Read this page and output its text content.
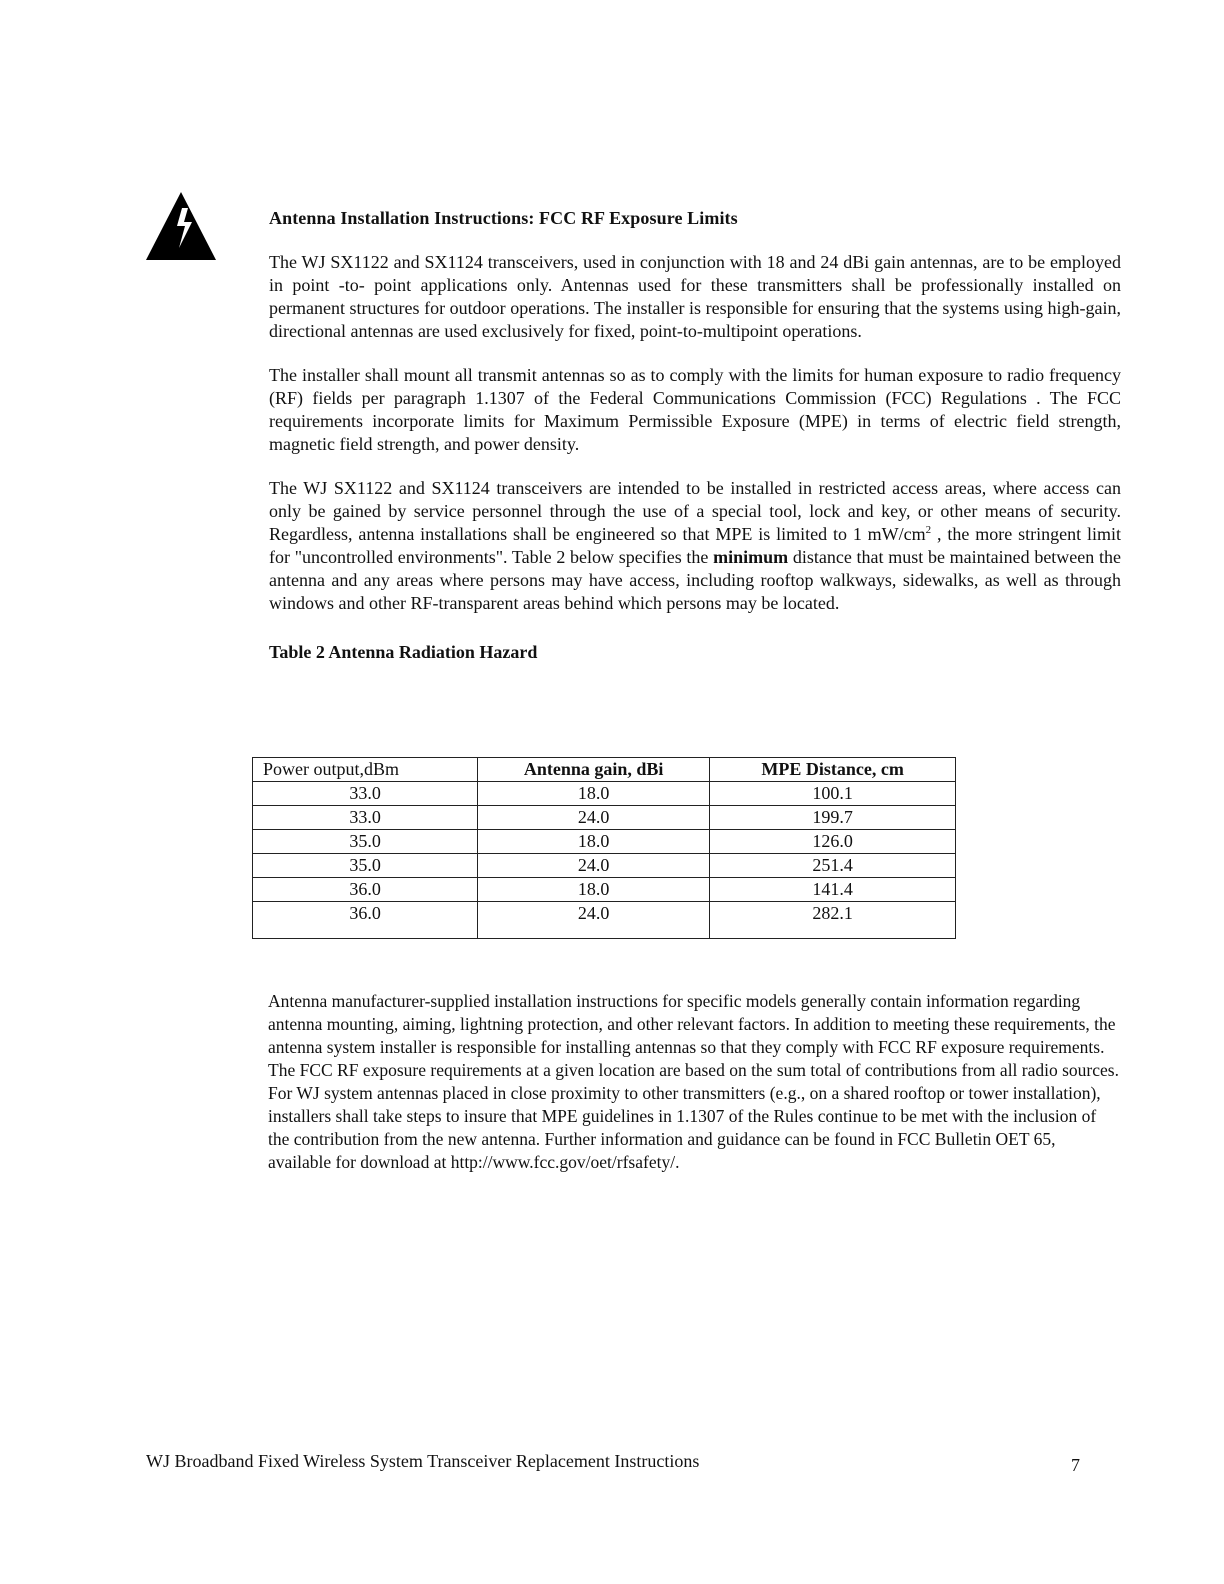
Antenna Installation Instructions: FCC RF Exposure Limits

The WJ SX1122 and SX1124 transceivers, used in conjunction with 18 and 24 dBi gain antennas, are to be employed in point -to- point applications only. Antennas used for these transmitters shall be professionally installed on permanent structures for outdoor operations. The installer is responsible for ensuring that the systems using high-gain, directional antennas are used exclusively for fixed, point-to-multipoint operations.

The installer shall mount all transmit antennas so as to comply with the limits for human exposure to radio frequency (RF) fields per paragraph 1.1307 of the Federal Communications Commission (FCC) Regulations . The FCC requirements incorporate limits for Maximum Permissible Exposure (MPE) in terms of electric field strength, magnetic field strength, and power density.

The WJ SX1122 and SX1124 transceivers are intended to be installed in restricted access areas, where access can only be gained by service personnel through the use of a special tool, lock and key, or other means of security. Regardless, antenna installations shall be engineered so that MPE is limited to 1 $mW/cm^2$ , the more stringent limit for "uncontrolled environments". Table 2 below specifies the minimum distance that must be maintained between the antenna and any areas where persons may have access, including rooftop walkways, sidewalks, as well as through windows and other RF-transparent areas behind which persons may be located.

Table 2 Antenna Radiation Hazard
Power output,dBm	Antenna gain, dBi	MPE Distance, cm
33.0	18.0	100.1
33.0	24.0	199.7
35.0	18.0	126.0
35.0	24.0	251.4
36.0	18.0	141.4
36.0	24.0	282.1

Antenna manufacturer-supplied installation instructions for specific models generally contain information regarding antenna mounting, aiming, lightning protection, and other relevant factors. In addition to meeting these requirements, the antenna system installer is responsible for installing antennas so that they comply with FCC RF exposure requirements. The FCC RF exposure requirements at a given location are based on the sum total of contributions from all radio sources. For WJ system antennas placed in close proximity to other transmitters (e.g., on a shared rooftop or tower installation), installers shall take steps to insure that MPE guidelines in 1.1307 of the Rules continue to be met with the inclusion of the contribution from the new antenna. Further information and guidance can be found in FCC Bulletin OET 65, available for download at http://www.fcc.gov/oet/rfsafety/.

WJ Broadband Fixed Wireless System Transceiver Replacement Instructions	7
